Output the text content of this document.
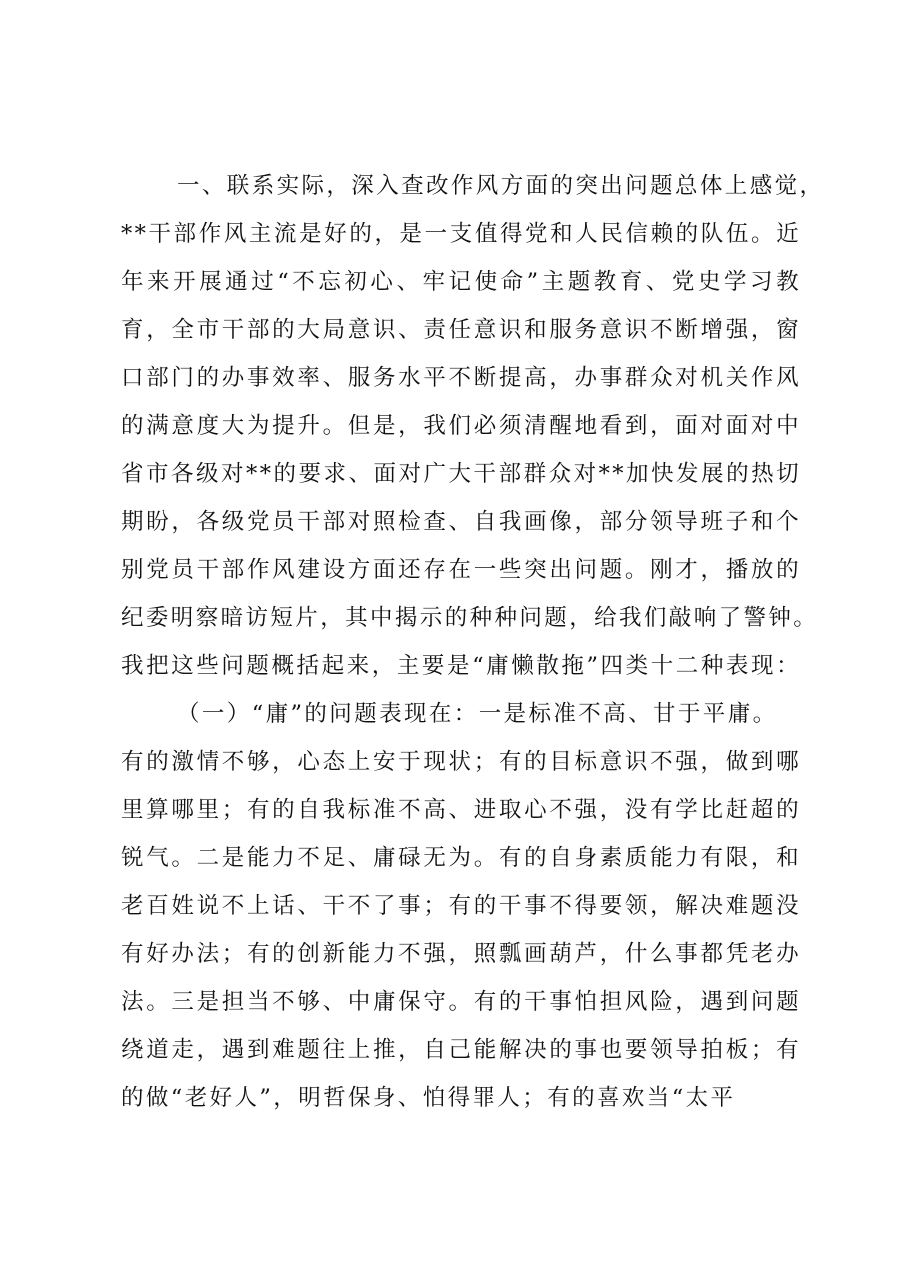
一、联系实际，深入查改作风方面的突出问题总体上感觉，
**干部作风主流是好的，是一支值得党和人民信赖的队伍。近
年来开展通过“不忘初心、牢记使命”主题教育、党史学习教
育，全市干部的大局意识、责任意识和服务意识不断增强，窗
口部门的办事效率、服务水平不断提高，办事群众对机关作风
的满意度大为提升。但是，我们必须清醒地看到，面对面对中
省市各级对**的要求、面对广大干部群众对**加快发展的热切
期盼，各级党员干部对照检查、自我画像，部分领导班子和个
别党员干部作风建设方面还存在一些突出问题。刚才，播放的
纪委明察暗访短片，其中揭示的种种问题，给我们敲响了警钟。
我把这些问题概括起来，主要是“庸懒散拖”四类十二种表现：
（一）“庸”的问题表现在：一是标准不高、甘于平庸。
有的激情不够，心态上安于现状；有的目标意识不强，做到哪
里算哪里；有的自我标准不高、进取心不强，没有学比赶超的
锐气。二是能力不足、庸碌无为。有的自身素质能力有限，和
老百姓说不上话、干不了事；有的干事不得要领，解决难题没
有好办法；有的创新能力不强，照瓢画葫芦，什么事都凭老办
法。三是担当不够、中庸保守。有的干事怕担风险，遇到问题
绕道走，遇到难题往上推，自己能解决的事也要领导拍板；有
的做“老好人”，明哲保身、怕得罪人；有的喜欢当“太平
